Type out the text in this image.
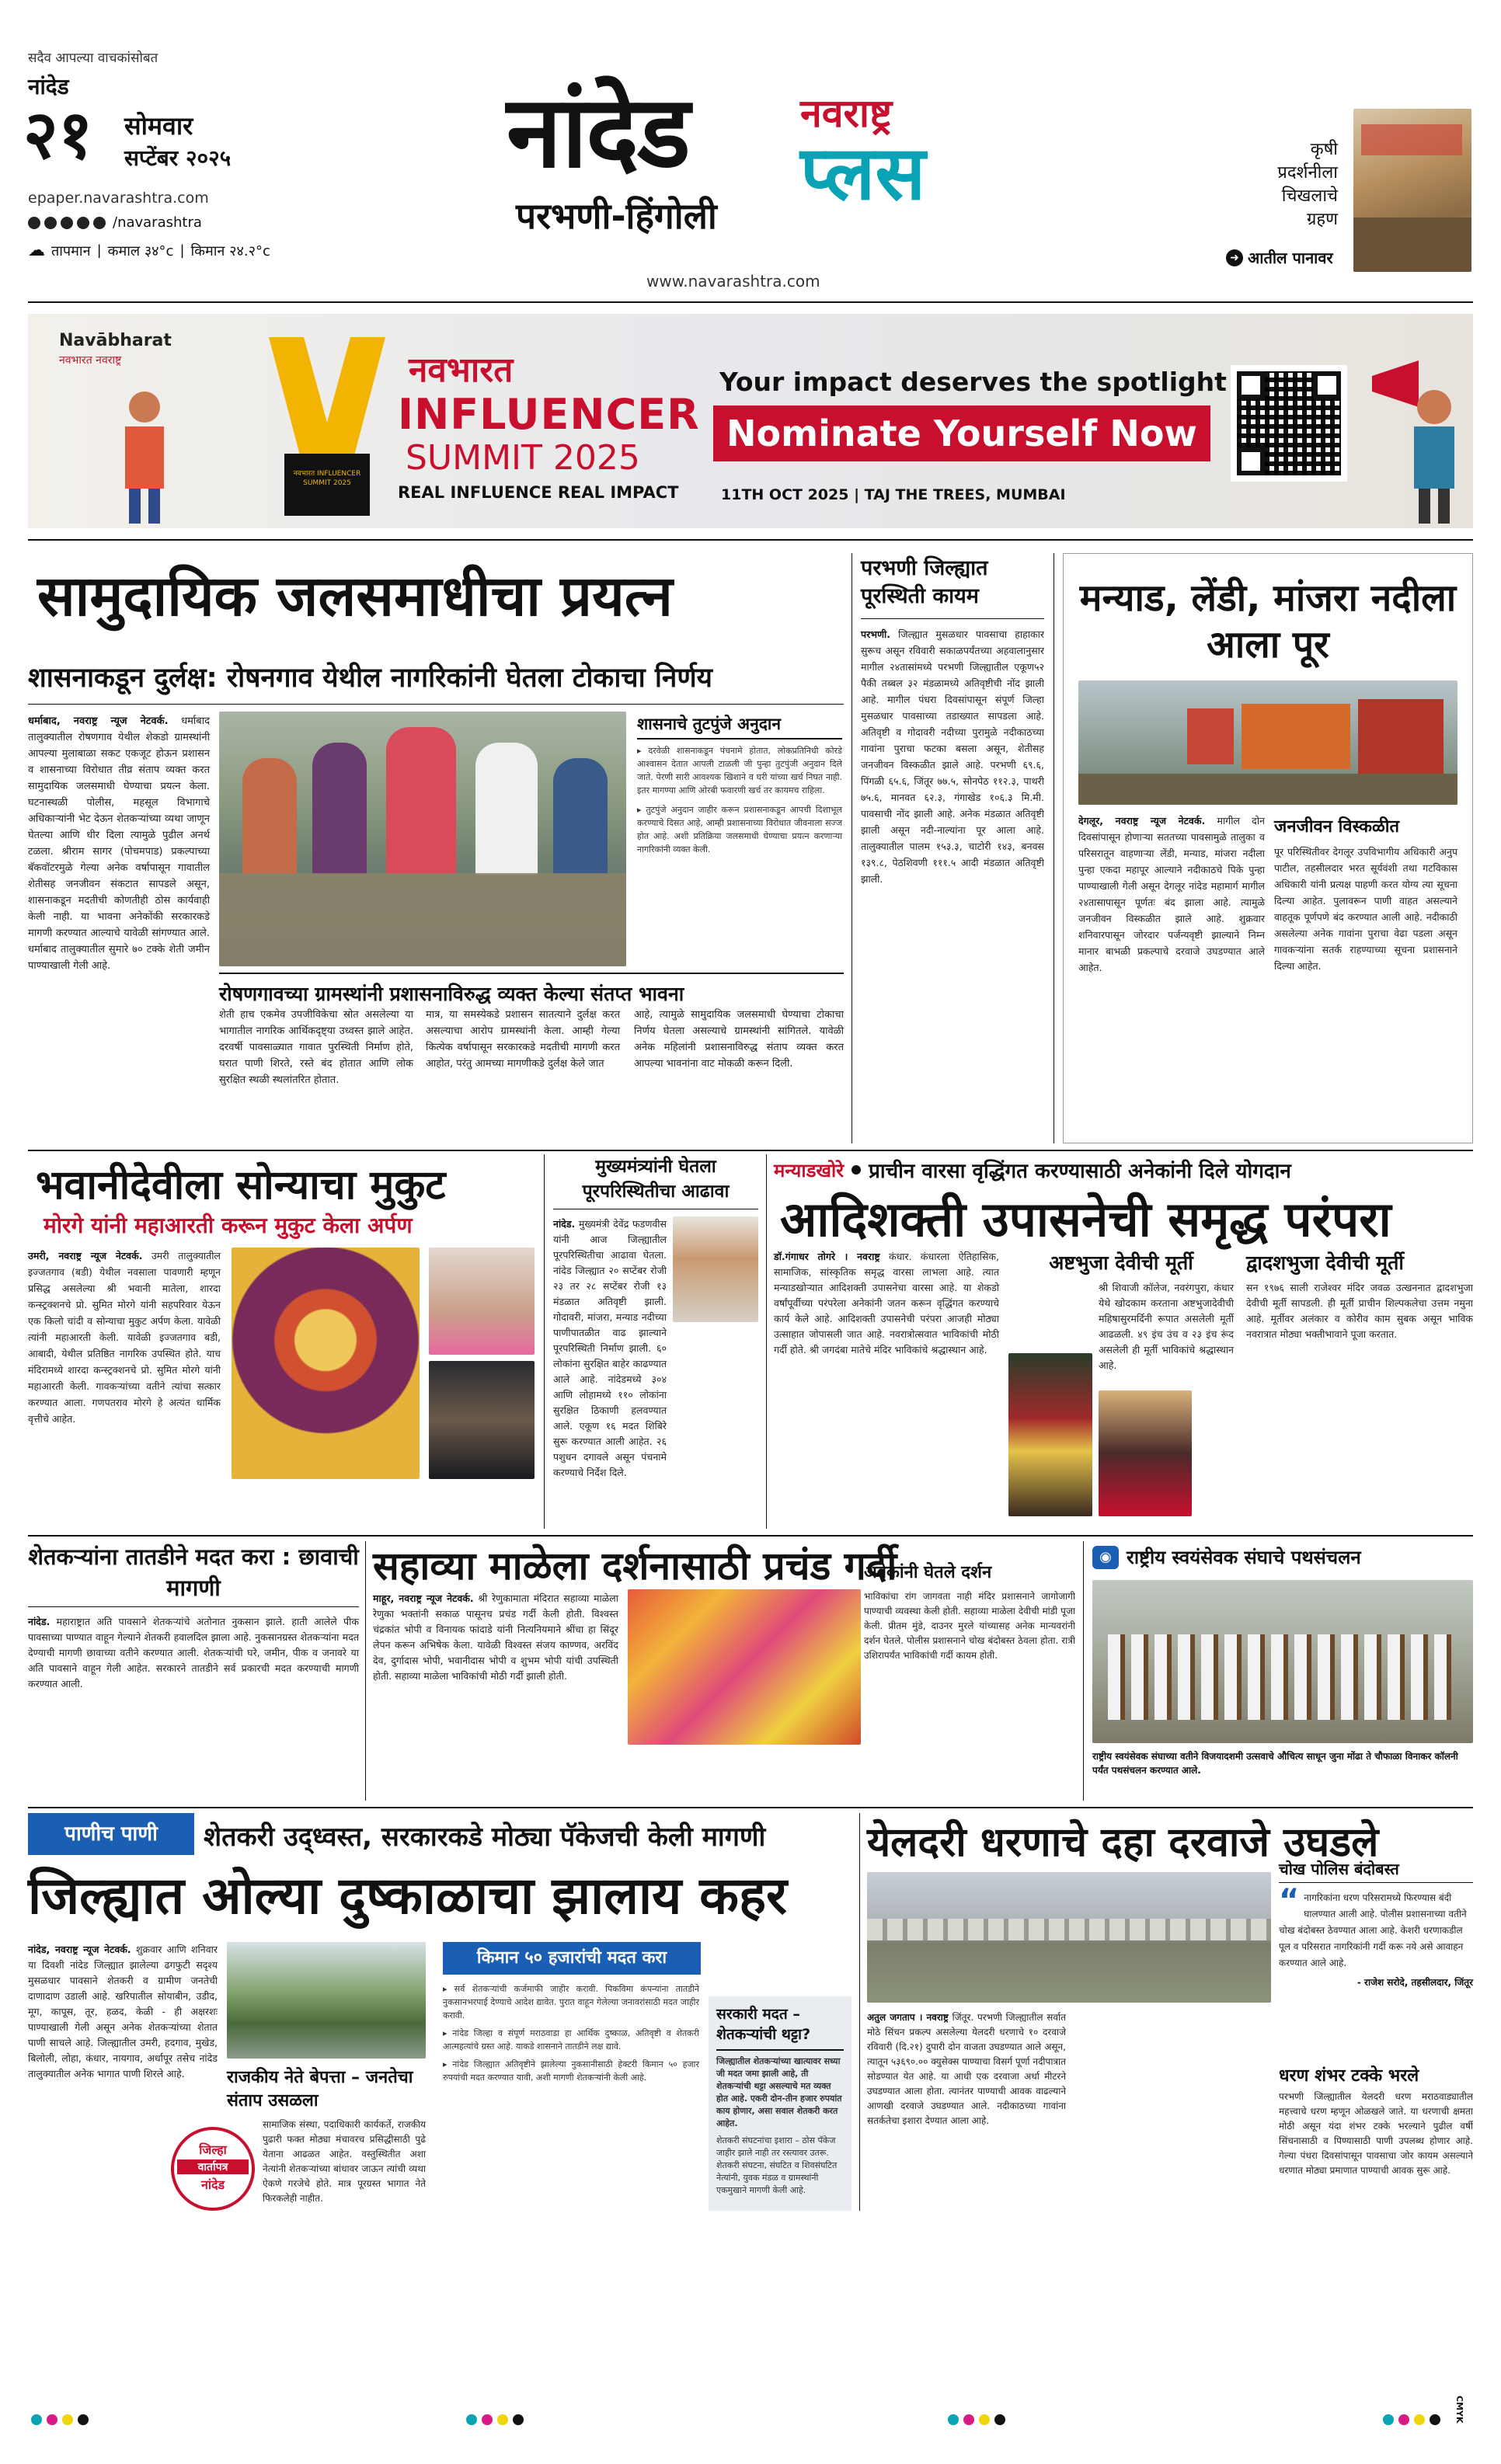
सदैव आपल्या वाचकांसोबत
नांदेड
२१ सोमवार
सप्टेंबर २०२५
epaper.navarashtra.com
/navarashtra
☁ तापमान | कमाल ३४°c | किमान २४.२°c
नांदेड
परभणी-हिंगोली
नवराष्ट्र
प्लस
www.navarashtra.com
कृषी प्रदर्शनीला चिखलाचे ग्रहण
➜ आतील पानावर
Navābharat
नवभारत नवराष्ट्र
नवभारत INFLUENCER SUMMIT 2025
नवभारत
INFLUENCER
SUMMIT 2025
REAL INFLUENCE REAL IMPACT
Your impact deserves the spotlight
Nominate Yourself Now
11TH OCT 2025 | TAJ THE TREES, MUMBAI
सामुदायिक जलसमाधीचा प्रयत्न
शासनाकडून दुर्लक्ष: रोषनगाव येथील नागरिकांनी घेतला टोकाचा निर्णय
धर्माबाद, नवराष्ट्र न्यूज नेटवर्क. धर्माबाद तालुक्यातील रोषणगाव येथील शेकडो ग्रामस्थांनी आपल्या मुलाबाळा सकट एकजूट होऊन प्रशासन व शासनाच्या विरोधात तीव्र संताप व्यक्त करत सामुदायिक जलसमाधी घेण्याचा प्रयत्न केला. घटनास्थळी पोलीस, महसूल विभागाचे अधिकाऱ्यांनी भेट देऊन शेतकऱ्यांच्या व्यथा जाणून घेतल्या आणि धीर दिला त्यामुळे पुढील अनर्थ टळला. श्रीराम सागर (पोचमपाड) प्रकल्पाच्या बॅकवॉटरमुळे गेल्या अनेक वर्षापासून गावातील शेतीसह जनजीवन संकटात सापडले असून, शासनाकडून मदतीची कोणतीही ठोस कार्यवाही केली नाही. या भावना अनेकोंकी सरकारकडे मागणी करण्यात आल्याचे यावेळी सांगण्यात आले. धर्माबाद तालुक्यातील सुमारे ७० टक्के शेती जमीन पाण्याखाली गेली आहे.
शासनाचे तुटपुंजे अनुदान

▸ दरवेळी शासनाकडून पंचनामे होतात, लोकप्रतिनिधी कोरडे आश्वासन देतात आपली टाळली जी पुन्हा तुटपुंजी अनुदान दिले जाते. पेरणी सारी आवश्यक खिशाने व घरी यांच्या खर्च निघत नाही. इतर मागण्या आणि ओरबी फवारणी खर्च तर कायमच राहिला.

▸ तुटपुंजे अनुदान जाहीर करून प्रशासनाकडून आपची दिशाभूल करण्याचे दिसत आहे, आम्ही प्रशासनाच्या विरोधात जीवनाला सज्ज होत आहे. अशी प्रतिक्रिया जलसमाधी घेण्याचा प्रयत्न करणाऱ्या नागरिकांनी व्यक्त केली.

रोषणगावच्या ग्रामस्थांनी प्रशासनाविरुद्ध व्यक्त केल्या संतप्त भावना
शेती हाच एकमेव उपजीविकेचा स्रोत असलेल्या या भागातील नागरिक आर्थिकदृष्ट्या उध्वस्त झाले आहेत. दरवर्षी पावसाळ्यात गावात पुरस्थिती निर्माण होते, घरात पाणी शिरते, रस्ते बंद होतात आणि लोक सुरक्षित स्थळी स्थलांतरित होतात.
मात्र, या समस्येकडे प्रशासन सातत्याने दुर्लक्ष करत असल्याचा आरोप ग्रामस्थांनी केला. आम्ही गेल्या कित्येक वर्षापासून सरकारकडे मदतीची मागणी करत आहोत, परंतु आमच्या मागणीकडे दुर्लक्ष केले जात
आहे, त्यामुळे सामुदायिक जलसमाधी घेण्याचा टोकाचा निर्णय घेतला असल्याचे ग्रामस्थांनी सांगितले. यावेळी अनेक महिलांनी प्रशासनाविरुद्ध संताप व्यक्त करत आपल्या भावनांना वाट मोकळी करून दिली.
परभणी जिल्ह्यात पूरस्थिती कायम
परभणी. जिल्ह्यात मुसळधार पावसाचा हाहाकार सुरूच असून रविवारी सकाळपर्यंतच्या अहवालानुसार मागील २४तासांमध्ये परभणी जिल्ह्यातील एकूण५२ पैकी तब्बल ३२ मंडळामध्ये अतिवृष्टीची नोंद झाली आहे. मागील पंधरा दिवसांपासून संपूर्ण जिल्हा मुसळधार पावसाच्या तडाख्यात सापडला आहे. अतिवृष्टी व गोदावरी नदीच्या पुरामुळे नदीकाठच्या गावांना पुराचा फटका बसला असून, शेतीसह जनजीवन विस्कळीत झाले आहे. परभणी ६९.६, पिंगळी ६५.६, जिंतूर ७७.५, सोनपेठ ११२.३, पाथरी ७५.६, मानवत ६२.३, गंगाखेड १०६.३ मि.मी. पावसाची नोंद झाली आहे. अनेक मंडळात अतिवृष्टी झाली असून नदी-नाल्यांना पूर आला आहे. तालुक्यातील पालम १५३.३, चाटोरी १४३, बनवस १३९.८, पेठशिवणी १११.५ आदी मंडळात अतिवृष्टी झाली.
मन्याड, लेंडी, मांजरा नदीला आला पूर
देगलूर, नवराष्ट्र न्यूज नेटवर्क. मागील दोन दिवसांपासून होणाऱ्या सततच्या पावसामुळे तालुका व परिसरातून वाहणाऱ्या लेंडी, मन्याड, मांजरा नदीला पुन्हा एकदा महापूर आल्याने नदीकाठचे पिके पुन्हा पाण्याखाली गेली असून देगलूर नांदेड महामार्ग मागील २४तासापासून पूर्णतः बंद झाला आहे. त्यामुळे जनजीवन विस्कळीत झाले आहे. शुक्रवार शनिवारपासून जोरदार पर्जन्यवृष्टी झाल्याने निम्न मानार बाभळी प्रकल्पाचे दरवाजे उघडण्यात आले आहेत.
जनजीवन विस्कळीत
पूर परिस्थितीवर देगलूर उपविभागीय अधिकारी अनुप पाटील, तहसीलदार भरत सूर्यवंशी तथा गटविकास अधिकारी यांनी प्रत्यक्ष पाहणी करत योग्य त्या सूचना दिल्या आहेत. पुलावरून पाणी वाहत असल्याने वाहतूक पूर्णपणे बंद करण्यात आली आहे. नदीकाठी असलेल्या अनेक गावांना पुराचा वेढा पडला असून गावकऱ्यांना सतर्क राहण्याच्या सूचना प्रशासनाने दिल्या आहेत.
भवानीदेवीला सोन्याचा मुकुट
मोरगे यांनी महाआरती करून मुकुट केला अर्पण
उमरी, नवराष्ट्र न्यूज नेटवर्क. उमरी तालुक्यातील इज्जतगाव (बडी) येथील नवसाला पावणारी म्हणून प्रसिद्ध असलेल्या श्री भवानी मातेला, शारदा कन्स्ट्रक्शनचे प्रो. सुमित मोरगे यांनी सहपरिवार येऊन एक किलो चांदी व सोन्याचा मुकुट अर्पण केला. यावेळी त्यांनी महाआरती केली. यावेळी इज्जतगाव बडी, आबादी, येथील प्रतिष्ठित नागरिक उपस्थित होते. याच मंदिरामध्ये शारदा कन्स्ट्रक्शनचे प्रो. सुमित मोरगे यांनी महाआरती केली. गावकऱ्यांच्या वतीने त्यांचा सत्कार करण्यात आला. गणपतराव मोरगे हे अत्यंत धार्मिक वृत्तीचे आहेत.
मुख्यमंत्र्यांनी घेतला पूरपरिस्थितीचा आढावा
नांदेड. मुख्यमंत्री देवेंद्र फडणवीस यांनी आज जिल्ह्यातील पूरपरिस्थितीचा आढावा घेतला. नांदेड जिल्ह्यात २० सप्टेंबर रोजी २३ तर २८ सप्टेंबर रोजी १३ मंडळात अतिवृष्टी झाली. गोदावरी, मांजरा, मन्याड नदीच्या पाणीपातळीत वाढ झाल्याने पूरपरिस्थिती निर्माण झाली. ६० लोकांना सुरक्षित बाहेर काढण्यात आले आहे. नांदेडमध्ये ३०४ आणि लोहामध्ये ११० लोकांना सुरक्षित ठिकाणी हलवण्यात आले. एकूण १६ मदत शिबिरे सुरू करण्यात आली आहेत. २६ पशुधन दगावले असून पंचनामे करण्याचे निर्देश दिले.
मन्याडखोरे प्राचीन वारसा वृद्धिंगत करण्यासाठी अनेकांनी दिले योगदान
आदिशक्ती उपासनेची समृद्ध परंपरा
डॉ.गंगाधर तोगरे । नवराष्ट्र कंधार. कंधारला ऐतिहासिक, सामाजिक, सांस्कृतिक समृद्ध वारसा लाभला आहे. त्यात मन्याडखोऱ्यात आदिशक्ती उपासनेचा वारसा आहे. या शेकडो वर्षांपूर्वीच्या परंपरेला अनेकांनी जतन करून वृद्धिंगत करण्याचे कार्य केले आहे. आदिशक्ती उपासनेची परंपरा आजही मोठ्या उत्साहात जोपासली जात आहे. नवरात्रोत्सवात भाविकांची मोठी गर्दी होते. श्री जगदंबा मातेचे मंदिर भाविकांचे श्रद्धास्थान आहे.
अष्टभुजा देवीची मूर्ती
श्री शिवाजी कॉलेज, नवरंगपुरा, कंधार येथे खोदकाम करताना अष्टभुजादेवीची महिषासुरमर्दिनी रूपात असलेली मूर्ती आढळली. ४९ इंच उंच व २३ इंच रूंद असलेली ही मूर्ती भाविकांचे श्रद्धास्थान आहे.
द्वादशभुजा देवीची मूर्ती
सन १९७६ साली राजेश्वर मंदिर जवळ उत्खननात द्वादशभुजा देवीची मूर्ती सापडली. ही मूर्ती प्राचीन शिल्पकलेचा उत्तम नमुना आहे. मूर्तीवर अलंकार व कोरीव काम सुबक असून भाविक नवरात्रात मोठ्या भक्तीभावाने पूजा करतात.
शेतकऱ्यांना तातडीने मदत करा : छावाची मागणी
नांदेड. महाराष्ट्रात अति पावसाने शेतकऱ्यांचे अतोनात नुकसान झाले. हाती आलेले पीक पावसाच्या पाण्यात वाहून गेल्याने शेतकरी हवालदिल झाला आहे. नुकसानग्रस्त शेतकऱ्यांना मदत देण्याची मागणी छावाच्या वतीने करण्यात आली. शेतकऱ्यांची घरे, जमीन, पीक व जनावरे या अति पावसाने वाहून गेली आहेत. सरकारने तातडीने सर्व प्रकारची मदत करण्याची मागणी करण्यात आली.
सहाव्या माळेला दर्शनासाठी प्रचंड गर्दी
माहूर, नवराष्ट्र न्यूज नेटवर्क. श्री रेणुकामाता मंदिरात सहाव्या माळेला रेणुका भक्तांनी सकाळ पासूनच प्रचंड गर्दी केली होती. विश्वस्त चंद्रकांत भोपी व विनायक फांदाडे यांनी नित्यनियमाने श्रींचा हा सिंदूर लेपन करून अभिषेक केला. यावेळी विश्वस्त संजय काण्णव, अरविंद देव, दुर्गादास भोपी, भवानीदास भोपी व शुभम भोपी यांची उपस्थिती होती. सहाव्या माळेला भाविकांची मोठी गर्दी झाली होती.
अनेकांनी घेतले दर्शन
भाविकांचा रांग जागवता नाही मंदिर प्रशासनाने जागोजागी पाण्याची व्यवस्था केली होती. सहाव्या माळेला देवीची मांडी पूजा केली. प्रीतम मुंडे, दाउनर मुरले यांच्यासह अनेक मान्यवरांनी दर्शन घेतले. पोलीस प्रशासनाने चोख बंदोबस्त ठेवला होता. रात्री उशिरापर्यंत भाविकांची गर्दी कायम होती.
◉ राष्ट्रीय स्वयंसेवक संघाचे पथसंचलन
राष्ट्रीय स्वयंसेवक संघाच्या वतीने विजयादशमी उत्सवाचे औचित्य साधून जुना मोंढा ते चौफाळा विनाकर कॉलनी पर्यंत पथसंचलन करण्यात आले.
पाणीच पाणी	शेतकरी उद्ध्वस्त, सरकारकडे मोठ्या पॅकेजची केली मागणी
जिल्ह्यात ओल्या दुष्काळाचा झालाय कहर
नांदेड, नवराष्ट्र न्यूज नेटवर्क. शुक्रवार आणि शनिवार या दिवशी नांदेड जिल्ह्यात झालेल्या ढगफुटी सदृश्य मुसळधार पावसाने शेतकरी व ग्रामीण जनतेची दाणादाण उडाली आहे. खरिपातील सोयाबीन, उडीद, मूग, कापूस, तूर, हळद, केळी - ही अक्षरशः पाण्याखाली गेली असून अनेक शेतकऱ्यांच्या शेतात पाणी साचले आहे. जिल्ह्यातील उमरी, हदगाव, मुखेड, बिलोली, लोहा, कंधार, नायगाव, अर्धापूर तसेच नांदेड तालुक्यातील अनेक भागात पाणी शिरले आहे.	राजकीय नेते बेपत्ता – जनतेचा संताप उसळला
जिल्हा
वार्तापत्र
नांदेड
सामाजिक संस्था, पदाधिकारी कार्यकर्ते, राजकीय पुढारी फक्त मोठ्या मंचावरच प्रसिद्धीसाठी पुढे येताना आढळत आहेत. वस्तुस्थितीत अशा नेत्यांनी शेतकऱ्यांच्या बांधावर जाऊन त्यांची व्यथा ऐकणे गरजेचे होते. मात्र पूरग्रस्त भागात नेते फिरकलेही नाहीत.
किमान ५० हजारांची मदत करा

▸ सर्व शेतकऱ्यांची कर्जमाफी जाहीर करावी. पिकविमा कंपन्यांना तातडीने नुकसानभरपाई देण्याचे आदेश द्यावेत. पुरात वाहून गेलेल्या जनावरांसाठी मदत जाहीर करावी.

▸ नांदेड जिल्हा व संपूर्ण मराठवाडा हा आर्थिक दुष्काळ, अतिवृष्टी व शेतकरी आत्महत्यांचे ग्रस्त आहे. याकडे शासनाने तातडीने लक्ष द्यावे.

▸ नांदेड जिल्ह्यात अतिवृष्टीने झालेल्या नुकसानीसाठी हेक्टरी किमान ५० हजार रुपयांची मदत करण्यात यावी, अशी मागणी शेतकऱ्यांनी केली आहे.

सरकारी मदत – शेतकऱ्यांची थट्टा?
जिल्ह्यातील शेतकऱ्यांच्या खात्यावर सध्या जी मदत जमा झाली आहे, ती शेतकऱ्यांची थट्टा असल्याचे मत व्यक्त होत आहे. एकरी दोन-तीन हजार रुपयांत काय होणार, असा सवाल शेतकरी करत आहेत.
शेतकरी संघटनांचा इशारा – ठोस पॅकेज जाहीर झाले नाही तर रस्त्यावर उतरू. शेतकरी संघटना, संघटित व शिवसंघटित नेत्यांनी, युवक मंडळ व ग्रामस्थांनी एकमुखाने मागणी केली आहे.
येलदरी धरणाचे दहा दरवाजे उघडले
अतुल जगताप । नवराष्ट्र जिंतूर. परभणी जिल्ह्यातील सर्वात मोठे सिंचन प्रकल्प असलेल्या येलदरी धरणाचे १० दरवाजे रविवारी (दि.२१) दुपारी दोन वाजता उघडण्यात आले असून, त्यातून ५३६९०.०० क्युसेक्स पाण्याचा विसर्ग पूर्णा नदीपात्रात सोडण्यात येत आहे. या आधी एक दरवाजा अर्धा मीटरने उघडण्यात आला होता. त्यानंतर पाण्याची आवक वाढल्याने आणखी दरवाजे उघडण्यात आले. नदीकाठच्या गावांना सतर्कतेचा इशारा देण्यात आला आहे.
चोख पोलिस बंदोबस्त
“ नागरिकांना धरण परिसरामध्ये फिरण्यास बंदी घालण्यात आली आहे. पोलीस प्रशासनाच्या वतीने चोख बंदोबस्त ठेवण्यात आला आहे. केशरी धरणाकडील पूल व परिसरात नागरिकांनी गर्दी करू नये असे आवाहन करण्यात आले आहे.
- राजेश सरोदे, तहसीलदार, जिंतूर
धरण शंभर टक्के भरले
परभणी जिल्ह्यातील येलदरी धरण मराठवाड्यातील महत्त्वाचे धरण म्हणून ओळखले जाते. या धरणाची क्षमता मोठी असून यंदा शंभर टक्के भरल्याने पुढील वर्षी सिंचनासाठी व पिण्यासाठी पाणी उपलब्ध होणार आहे. गेल्या पंधरा दिवसांपासून पावसाचा जोर कायम असल्याने धरणात मोठ्या प्रमाणात पाण्याची आवक सुरू आहे.
CMYK
